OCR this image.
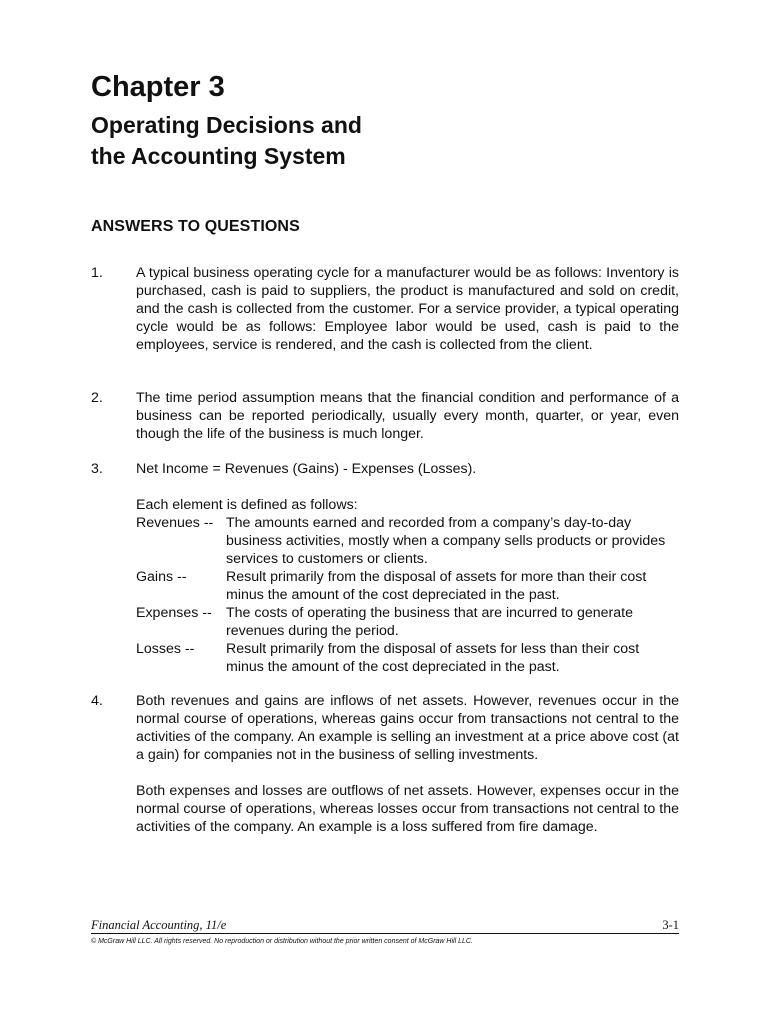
Chapter 3
Operating Decisions and
the Accounting System
ANSWERS TO QUESTIONS
1. A typical business operating cycle for a manufacturer would be as follows: Inventory is purchased, cash is paid to suppliers, the product is manufactured and sold on credit, and the cash is collected from the customer. For a service provider, a typical operating cycle would be as follows: Employee labor would be used, cash is paid to the employees, service is rendered, and the cash is collected from the client.
2. The time period assumption means that the financial condition and performance of a business can be reported periodically, usually every month, quarter, or year, even though the life of the business is much longer.
3. Net Income = Revenues (Gains) - Expenses (Losses).

Each element is defined as follows:

Revenues -- The amounts earned and recorded from a company’s day-to-day business activities, mostly when a company sells products or provides services to customers or clients.
Gains --	Result primarily from the disposal of assets for more than their cost minus the amount of the cost depreciated in the past.
Expenses --	The costs of operating the business that are incurred to generate revenues during the period.
Losses --	Result primarily from the disposal of assets for less than their cost minus the amount of the cost depreciated in the past.
4. Both revenues and gains are inflows of net assets. However, revenues occur in the normal course of operations, whereas gains occur from transactions not central to the activities of the company. An example is selling an investment at a price above cost (at a gain) for companies not in the business of selling investments.

Both expenses and losses are outflows of net assets. However, expenses occur in the normal course of operations, whereas losses occur from transactions not central to the activities of the company. An example is a loss suffered from fire damage.

Financial Accounting, 11/e	3-1
© McGraw Hill LLC. All rights reserved. No reproduction or distribution without the prior written consent of McGraw Hill LLC.
